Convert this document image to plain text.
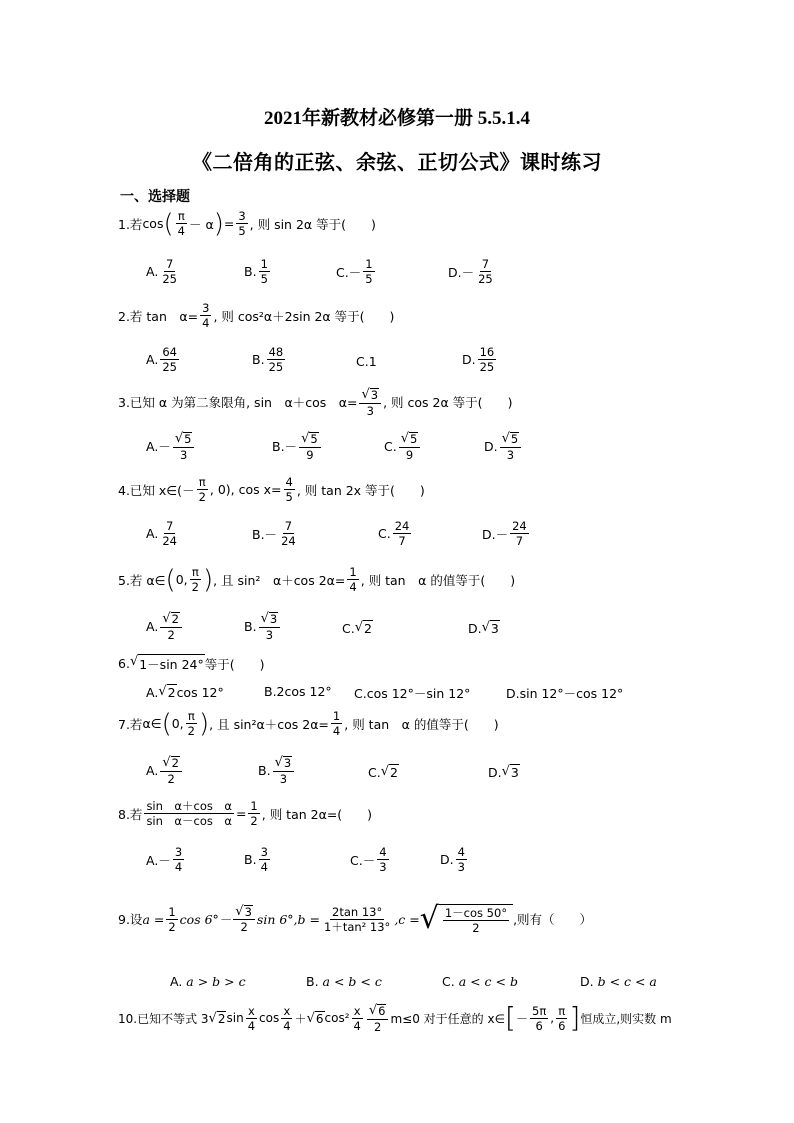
2021年新教材必修第一册 5.5.1.4
《二倍角的正弦、余弦、正切公式》课时练习
一、选择题
1.若 cos ( $\frac{\pi}{4} - \alpha$ ) = $\frac{3}{5}$ , 则 sin 2α 等于(　　)
A. $\frac{7}{25}$	B. $\frac{1}{5}$	$C.- \frac{1}{5}$	$D.- \frac{7}{25}$
2.若 tan　$\alpha= \frac{3}{4}$ , 则 cos²α＋2sin 2α 等于(　　)
A. $\frac{64}{25}$	B. $\frac{48}{25}$	C.1	D. $\frac{16}{25}$
3.已知 α 为第二象限角, sin　α＋cos　$\alpha= \frac{√ 3}{3}$ , 则 cos 2α 等于(　　)
$A.- \frac{√ 5}{3}$	$B.- \frac{√ 5}{9}$	C. $\frac{√ 5}{9}$	D. $\frac{√ 5}{3}$
4.已知 x∈(－ $\frac{\pi}{2}$ , 0), $\cos x= \frac{4}{5}$ , 则 tan 2x 等于(　　)
A. $\frac{7}{24}$	$B.- \frac{7}{24}$	C. $\frac{24}{7}$	$D.- \frac{24}{7}$
5.若 α∈ ( 0, $\frac{\pi}{2}$ ) , 且 sin²　α＋cos $2\alpha= \frac{1}{4}$ , 则 tan　α 的值等于(　　)
A. $\frac{√ 2}{2}$	B. $\frac{√ 3}{3}$	C. √ 2	D. √ 3
6. √ 1－sin 24° 等于(　　)
A. √ 2 cos 12°	B.2cos 12° C.cos 12°－sin 12°	D.sin 12°－cos 12°
7.若 α ∈ ( 0, $\frac{\pi}{2}$ ) , 且 sin²α＋cos $2\alpha= \frac{1}{4}$ , 则 tan　α 的值等于(　　)
A. $\frac{√ 2}{2}$	B. $\frac{√ 3}{3}$	C. √ 2	D. √ 3
8.若 $\frac{\text{sin　α＋cos　α}}{\text{sin　α－cos　α}} = \frac{1}{2}$ , 则 tan 2α=(　　)
$A.- \frac{3}{4}$	B. $\frac{3}{4}$	$C.- \frac{4}{3}$	D. $\frac{4}{3}$
9.设 $a = \frac{1}{2}$ $\cos 6^\circ- \frac{√ 3}{2}$ sin 6°, $b = \frac{2\tan 13^\circ}{\text{1＋tan² 13°}} ,c$ = √ $\frac{1-\cos 50^\circ}{2}$ ,则有（　　）
A.
a > b > c	B.
a < b < c	C.
a < c < b	D.
b < c < a
10.已知不等式 3 √ 2 $\sin \frac{x}{4}$ $\cos \frac{x}{4}$ ＋ √ 6 $\cos^2 \frac{x}{4} \frac{√ 6}{2} m\le 0$ 对于任意的 x∈ [ － $\frac{5\pi}{6}$ , $\frac{\pi}{6}$ ] 恒成立,则实数 m
